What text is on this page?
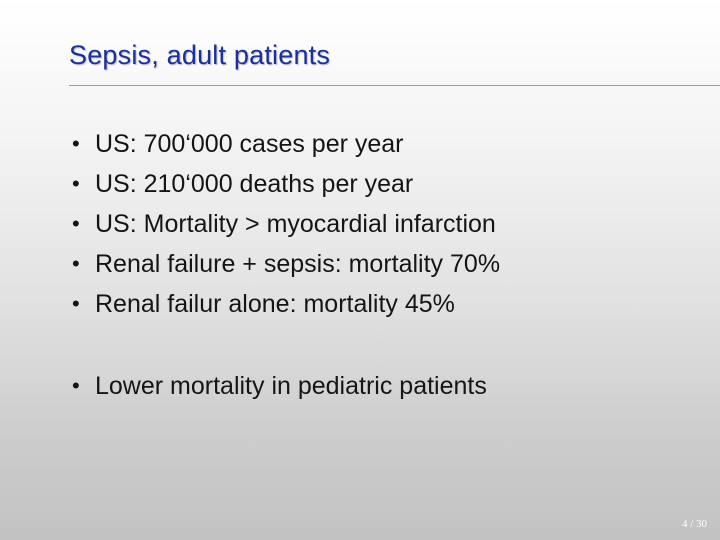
Sepsis, adult patients
• US: 700‘000 cases per year
• US: 210‘000 deaths per year
• US: Mortality > myocardial infarction
• Renal failure + sepsis: mortality 70%
• Renal failur alone: mortality 45%
• Lower mortality in pediatric patients
4 / 30
